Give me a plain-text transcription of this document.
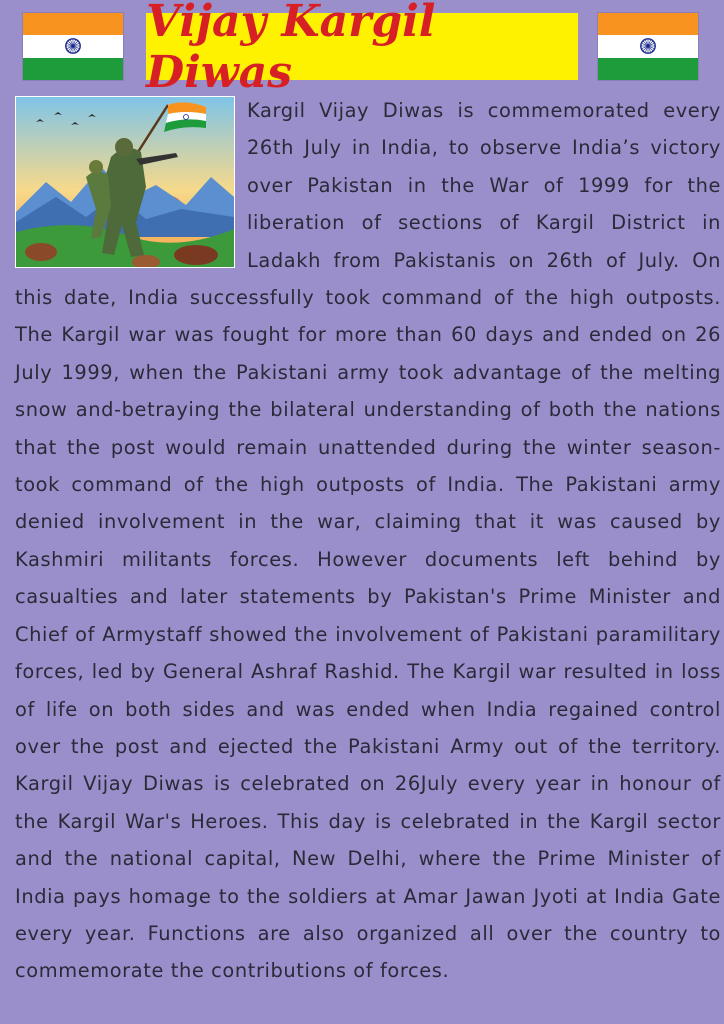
Vijay Kargil Diwas

Kargil Vijay Diwas is commemorated every 26th July in India, to observe India’s victory over Pakistan in the War of 1999 for the liberation of sections of Kargil District in Ladakh from Pakistanis on 26th of July. On this date, India successfully took command of the high outposts. The Kargil war was fought for more than 60 days and ended on 26 July 1999, when the Pakistani army took advantage of the melting snow and-betraying the bilateral understanding of both the nations that the post would remain unattended during the winter season-took command of the high outposts of India. The Pakistani army denied involvement in the war, claiming that it was caused by Kashmiri militants forces. However documents left behind by casualties and later statements by Pakistan's Prime Minister and Chief of Armystaff showed the involvement of Pakistani paramilitary forces, led by General Ashraf Rashid. The Kargil war resulted in loss of life on both sides and was ended when India regained control over the post and ejected the Pakistani Army out of the territory. Kargil Vijay Diwas is celebrated on 26July every year in honour of the Kargil War's Heroes. This day is celebrated in the Kargil sector and the national capital, New Delhi, where the Prime Minister of India pays homage to the soldiers at Amar Jawan Jyoti at India Gate every year. Functions are also organized all over the country to commemorate the contributions of forces.
